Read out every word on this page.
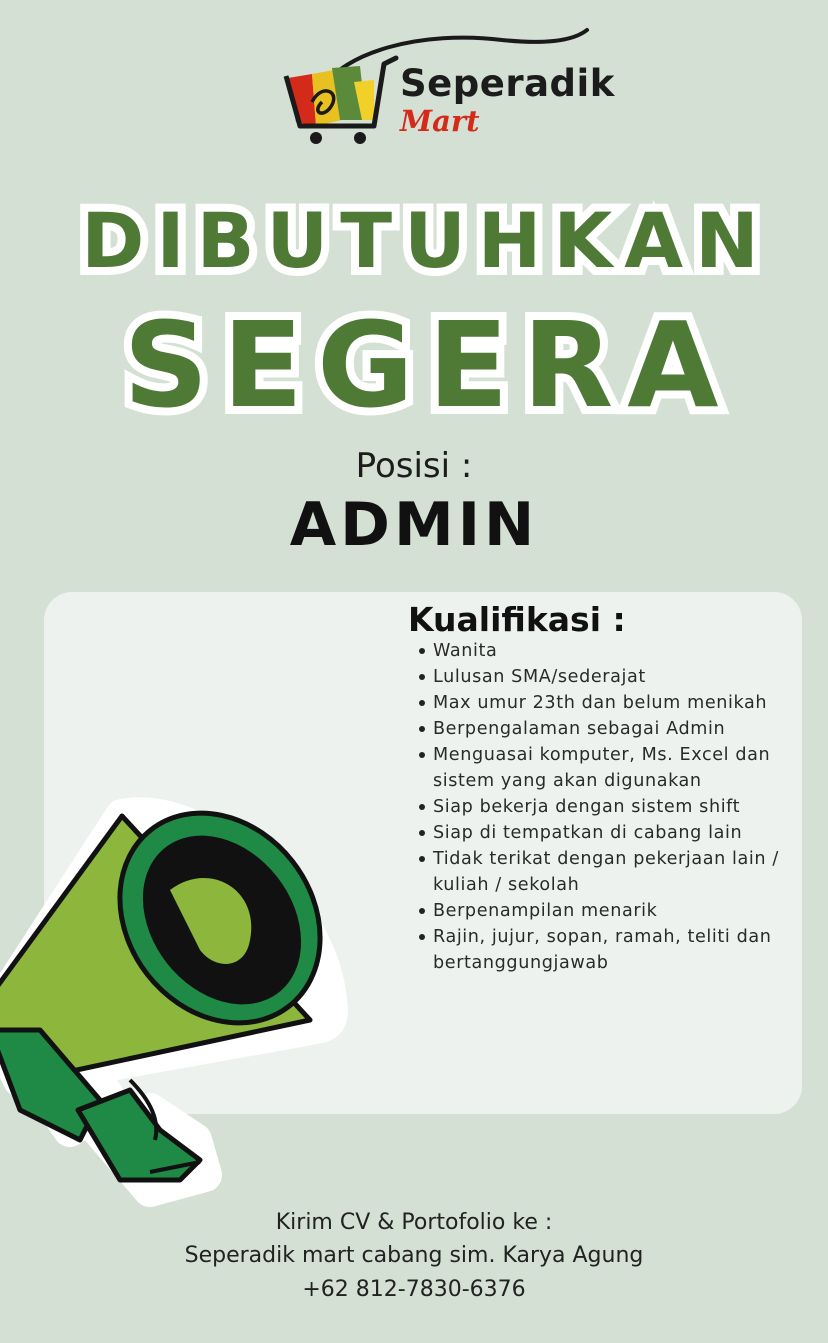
Seperadik
Mart
DIBUTUHKAN
SEGERA
Posisi :
ADMIN
Kualifikasi :
Wanita
Lulusan SMA/sederajat
Max umur 23th dan belum menikah
Berpengalaman sebagai Admin
Menguasai komputer, Ms. Excel dan sistem yang akan digunakan
Siap bekerja dengan sistem shift
Siap di tempatkan di cabang lain
Tidak terikat dengan pekerjaan lain / kuliah / sekolah
Berpenampilan menarik
Rajin, jujur, sopan, ramah, teliti dan bertanggungjawab
Kirim CV & Portofolio ke :
Seperadik mart cabang sim. Karya Agung
+62 812-7830-6376
